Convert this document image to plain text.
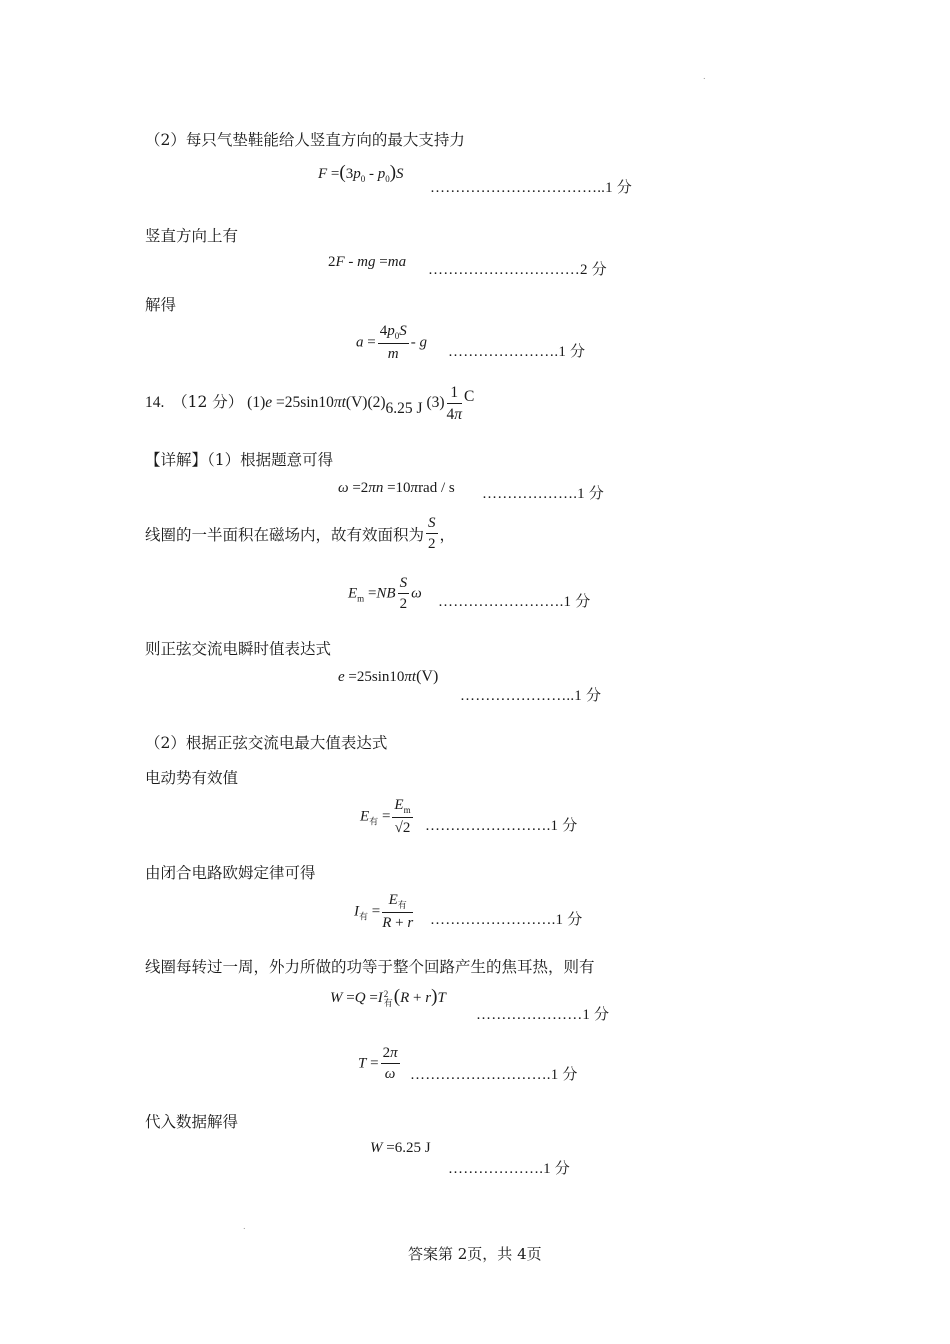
.
（2）每只气垫鞋能给人竖直方向的最大支持力
$F =(3p_0 - p_0)S$
……………………………..1 分
竖直方向上有
2F - mg =ma …………………………2 分
解得
$a = \frac{4p_0S}{m} - g$
………………….1 分
14. （12 分） (1)e =25sin10πt(V)(2)6.25 J $(3) \frac{1}{4\pi}$ C
【详解】（1）根据题意可得
ω =2πn =10πrad / s ……………….1 分
线圈的一半面积在磁场内，故有效面积为 $\frac{S}{2}$ ，
$E_m =NB \frac{S}{2}$ ω
…………………….1 分
则正弦交流电瞬时值表达式
e =25sin10πt(V)
…………………..1 分
（2）根据正弦交流电最大值表达式
电动势有效值
$E_有 = \frac{E_m}{√2}$ …………………….1 分
由闭合电路欧姆定律可得
$I_有 = \frac{E_有}{R + r}$ …………………….1 分
线圈每转过一周，外力所做的功等于整个回路产生的焦耳热，则有
W =Q =I 2
有 (R + r)T
…………………1 分
$T = \frac{2\pi}{\omega}$ ……………………….1 分
代入数据解得
W =6.25 J
……………….1 分
.
答案第 2页，共 4页
